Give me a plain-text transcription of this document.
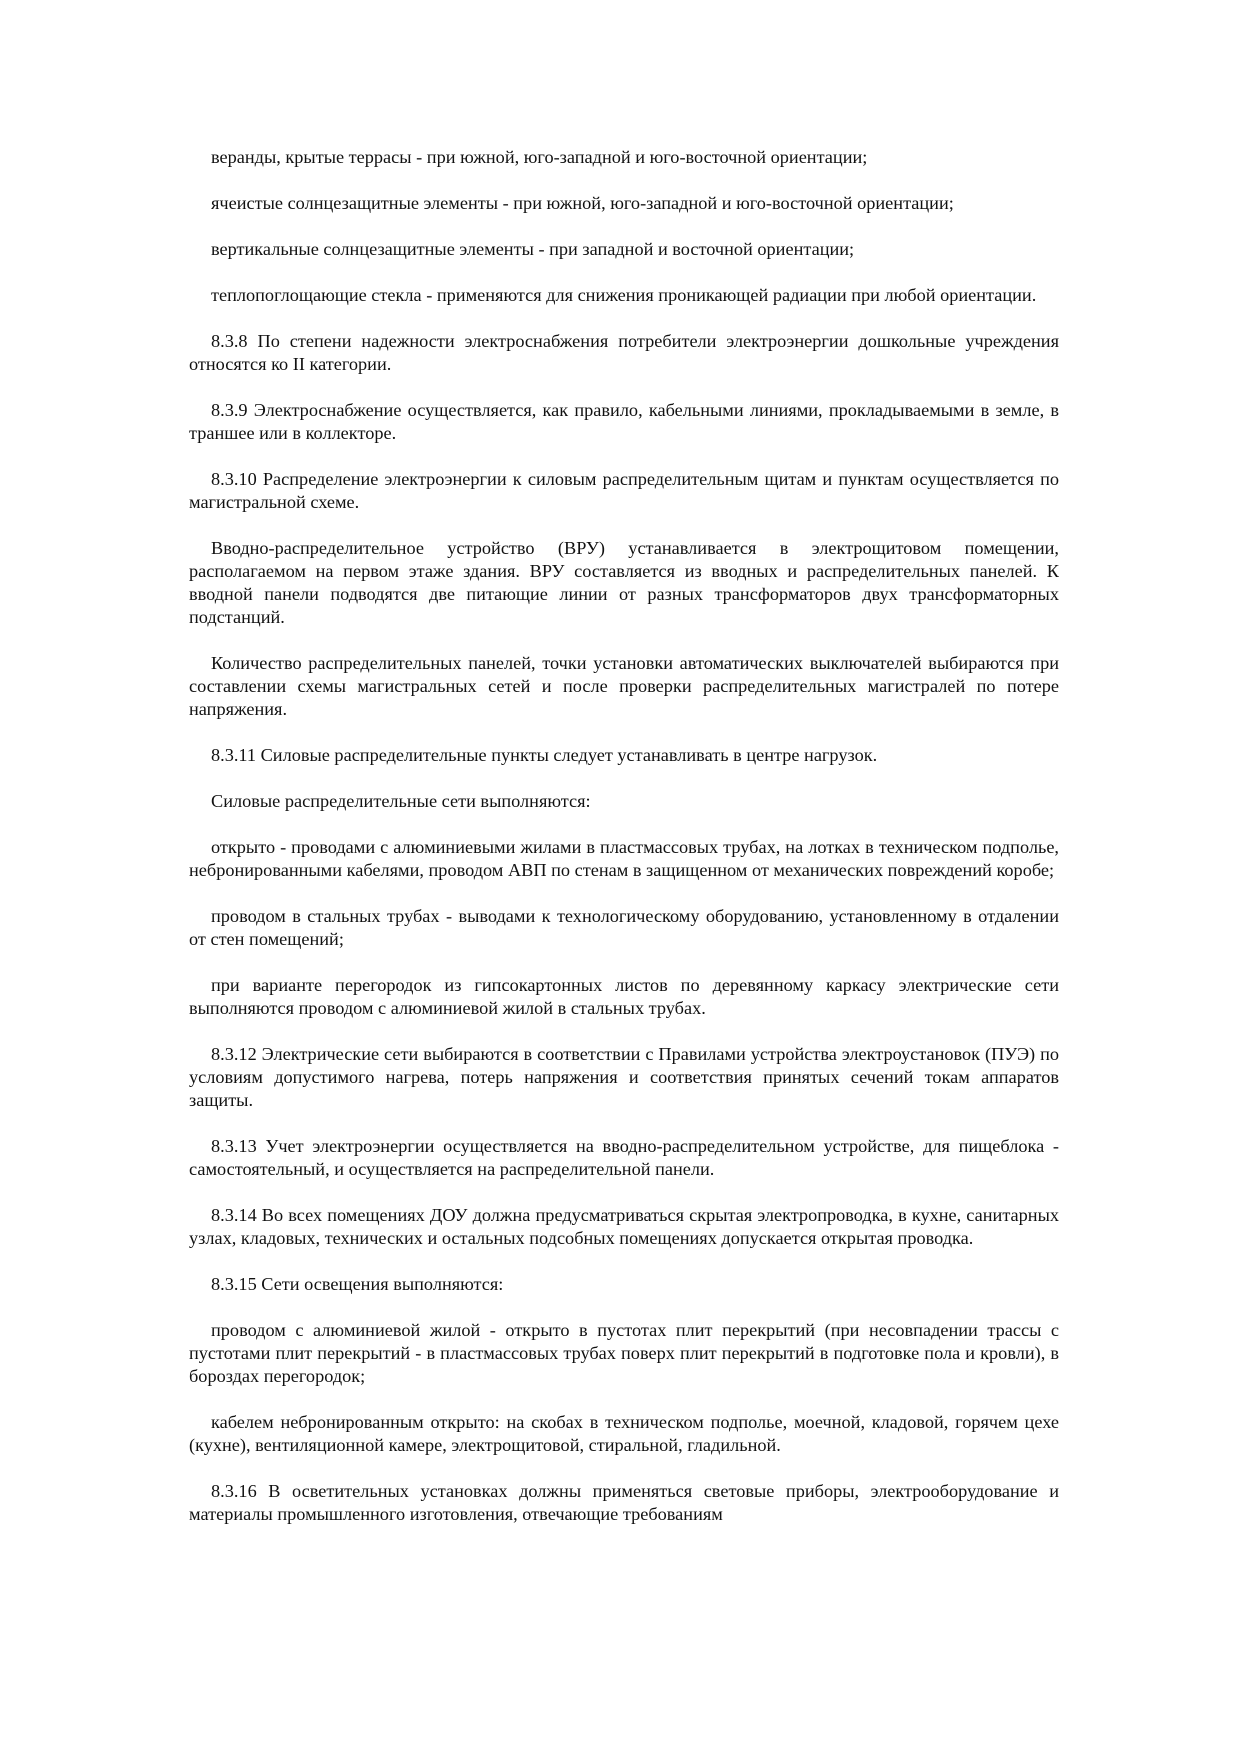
веранды, крытые террасы - при южной, юго-западной и юго-восточной ориентации;

ячеистые солнцезащитные элементы - при южной, юго-западной и юго-восточной ориентации;

вертикальные солнцезащитные элементы - при западной и восточной ориентации;

теплопоглощающие стекла - применяются для снижения проникающей радиации при любой ориентации.

8.3.8 По степени надежности электроснабжения потребители электроэнергии дошкольные учреждения относятся ко II категории.

8.3.9 Электроснабжение осуществляется, как правило, кабельными линиями, прокладываемыми в земле, в траншее или в коллекторе.

8.3.10 Распределение электроэнергии к силовым распределительным щитам и пунктам осуществляется по магистральной схеме.

Вводно-распределительное устройство (ВРУ) устанавливается в электрощитовом помещении, располагаемом на первом этаже здания. ВРУ составляется из вводных и распределительных панелей. К вводной панели подводятся две питающие линии от разных трансформаторов двух трансформаторных подстанций.

Количество распределительных панелей, точки установки автоматических выключателей выбираются при составлении схемы магистральных сетей и после проверки распределительных магистралей по потере напряжения.

8.3.11 Силовые распределительные пункты следует устанавливать в центре нагрузок.

Силовые распределительные сети выполняются:

открыто - проводами с алюминиевыми жилами в пластмассовых трубах, на лотках в техническом подполье, небронированными кабелями, проводом АВП по стенам в защищенном от механических повреждений коробе;

проводом в стальных трубах - выводами к технологическому оборудованию, установленному в отдалении от стен помещений;

при варианте перегородок из гипсокартонных листов по деревянному каркасу электрические сети выполняются проводом с алюминиевой жилой в стальных трубах.

8.3.12 Электрические сети выбираются в соответствии с Правилами устройства электроустановок (ПУЭ) по условиям допустимого нагрева, потерь напряжения и соответствия принятых сечений токам аппаратов защиты.

8.3.13 Учет электроэнергии осуществляется на вводно-распределительном устройстве, для пищеблока - самостоятельный, и осуществляется на распределительной панели.

8.3.14 Во всех помещениях ДОУ должна предусматриваться скрытая электропроводка, в кухне, санитарных узлах, кладовых, технических и остальных подсобных помещениях допускается открытая проводка.

8.3.15 Сети освещения выполняются:

проводом с алюминиевой жилой - открыто в пустотах плит перекрытий (при несовпадении трассы с пустотами плит перекрытий - в пластмассовых трубах поверх плит перекрытий в подготовке пола и кровли), в бороздах перегородок;

кабелем небронированным открыто: на скобах в техническом подполье, моечной, кладовой, горячем цехе (кухне), вентиляционной камере, электрощитовой, стиральной, гладильной.

8.3.16 В осветительных установках должны применяться световые приборы, электрооборудование и материалы промышленного изготовления, отвечающие требованиям
